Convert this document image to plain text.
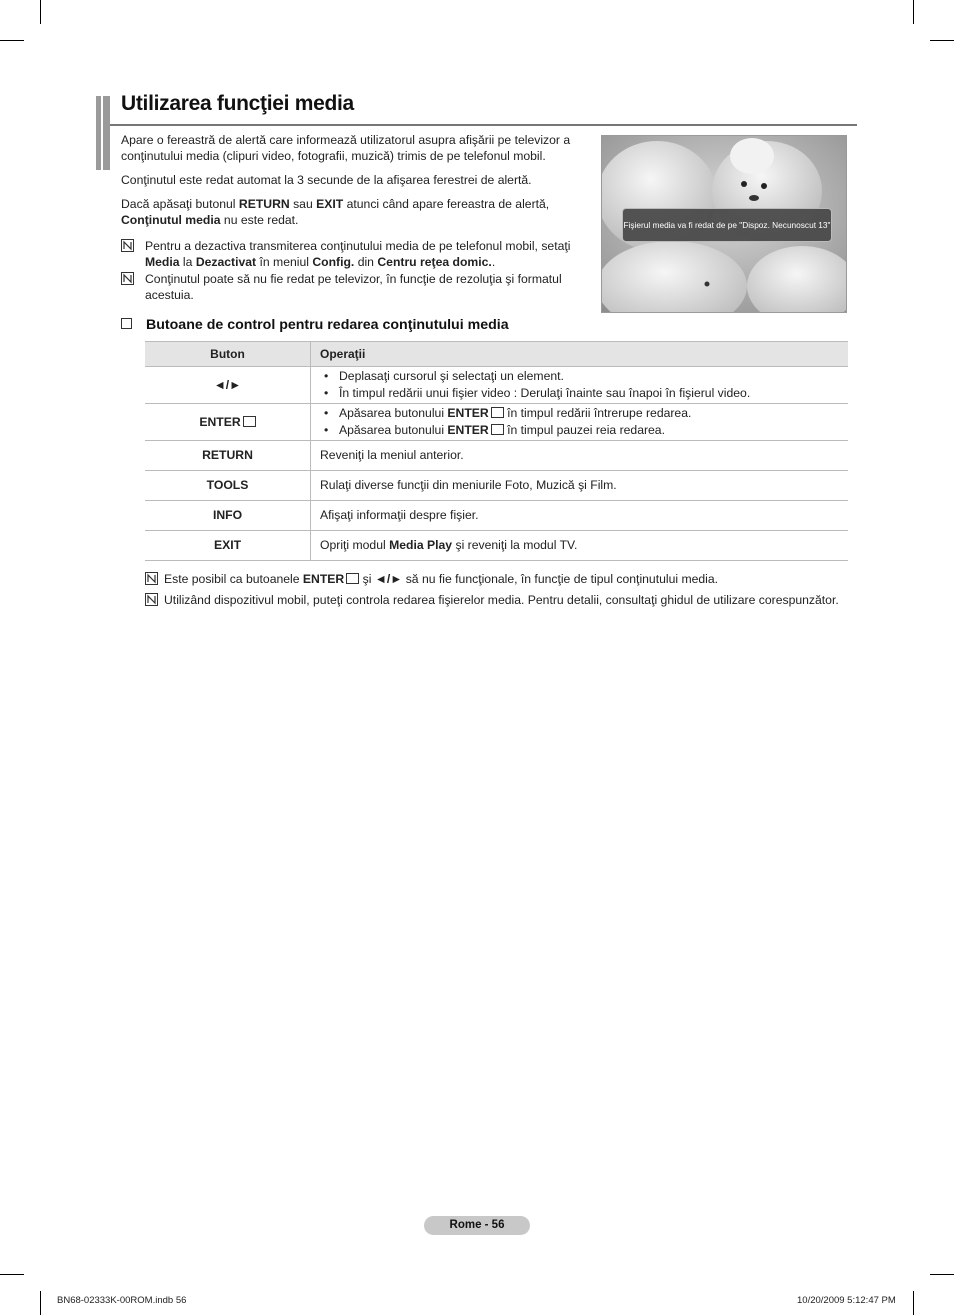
Utilizarea funcţiei media

Apare o fereastră de alertă care informează utilizatorul asupra afişării pe televizor a conţinutului media (clipuri video, fotografii, muzică) trimis de pe telefonul mobil.

Conţinutul este redat automat la 3 secunde de la afişarea ferestrei de alertă.

Dacă apăsaţi butonul RETURN sau EXIT atunci când apare fereastra de alertă, Conţinutul media nu este redat.

Pentru a dezactiva transmiterea conţinutului media de pe telefonul mobil, setaţi Media la Dezactivat în meniul Config. din Centru reţea domic..
Conţinutul poate să nu fie redat pe televizor, în funcţie de rezoluţia şi formatul acestuia.
Fişierul media va fi redat de pe "Dispoz. Necunoscut 13"
Butoane de control pentru redarea conţinutului media
Buton	Operaţii
◄/►	• Deplasaţi cursorul şi selectaţi un element.
• În timpul redării unui fişier video : Derulaţi înainte sau înapoi în fişierul video.

ENTER	• Apăsarea butonului ENTER în timpul redării întrerupe redarea.
• Apăsarea butonului ENTER în timpul pauzei reia redarea.

RETURN	Reveniţi la meniul anterior.
TOOLS	Rulaţi diverse funcţii din meniurile Foto, Muzică şi Film.
INFO	Afişaţi informaţii despre fişier.
EXIT	Opriţi modul Media Play şi reveniţi la modul TV.
Este posibil ca butoanele ENTER şi ◄/► să nu fie funcţionale, în funcţie de tipul conţinutului media.
Utilizând dispozitivul mobil, puteţi controla redarea fişierelor media. Pentru detalii, consultaţi ghidul de utilizare corespunzător.
Rome - 56
BN68-02333K-00ROM.indb 56	10/20/2009 5:12:47 PM
